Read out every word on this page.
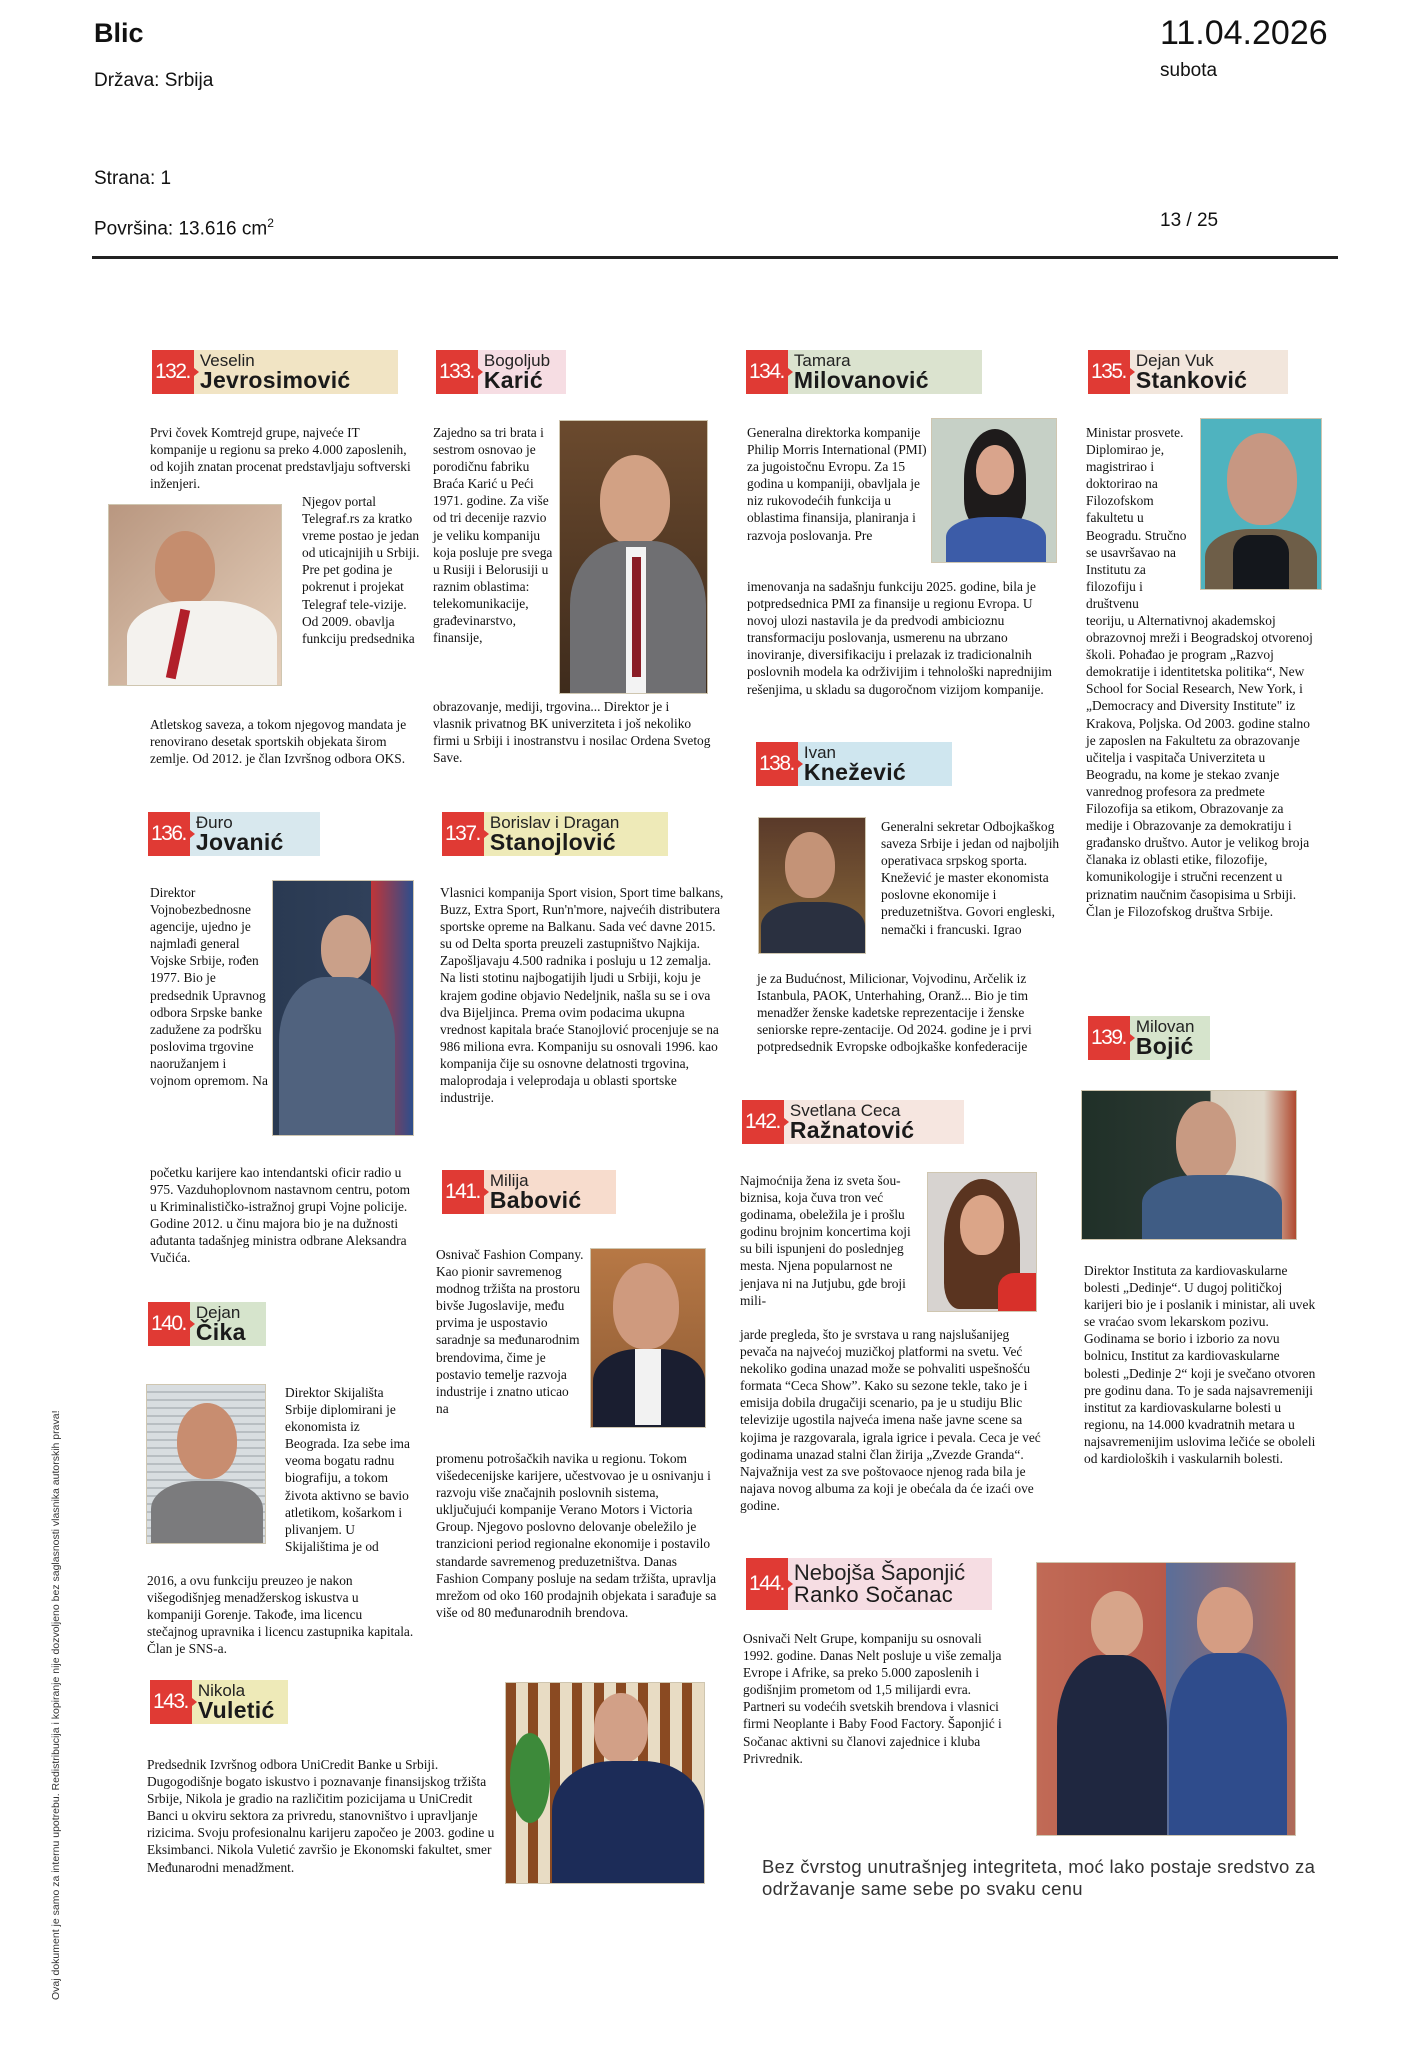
Blic
Država: Srbija
11.04.2026
subota
Strana: 1
Površina: 13.616 $cm^2$	13 / 25
Ovaj dokument je samo za internu upotrebu. Redistribucija i kopiranje nije dozvoljeno bez saglasnosti vlasnika autorskih prava!
132. Veselin
Jevrosimović
Prvi čovek Komtrejd grupe, najveće IT kompanije u regionu sa preko 4.000 zaposlenih, od kojih znatan procenat predstavljaju softverski inženjeri.
Njegov portal Telegraf.rs za kratko vreme postao je jedan od uticajnijih u Srbiji. Pre pet godina je pokrenut i projekat Telegraf tele-vizije. Od 2009. obavlja funkciju predsednika
Atletskog saveza, a tokom njegovog mandata je renovirano desetak sportskih objekata širom zemlje. Od 2012. je član Izvršnog odbora OKS.
133. Bogoljub
Karić
Zajedno sa tri brata i sestrom osnovao je porodičnu fabriku Braća Karić u Peći 1971. godine. Za više od tri decenije razvio je veliku kompaniju koja posluje pre svega u Rusiji i Belorusiji u raznim oblastima: telekomunikacije, građevinarstvo, finansije,
obrazovanje, mediji, trgovina... Direktor je i vlasnik privatnog BK univerziteta i još nekoliko firmi u Srbiji i inostranstvu i nosilac Ordena Svetog Save.
134. Tamara
Milovanović
Generalna direktorka kompanije Philip Morris International (PMI) za jugoistočnu Evropu. Za 15 godina u kompaniji, obavljala je niz rukovodećih funkcija u oblastima finansija, planiranja i razvoja poslovanja. Pre
imenovanja na sadašnju funkciju 2025. godine, bila je potpredsednica PMI za finansije u regionu Evropa. U novoj ulozi nastavila je da predvodi ambicioznu transformaciju poslovanja, usmerenu na ubrzano inoviranje, diversifikaciju i prelazak iz tradicionalnih poslovnih modela ka održivijim i tehnološki naprednijim rešenjima, u skladu sa dugoročnom vizijom kompanije.
135. Dejan Vuk
Stanković
Ministar prosvete. Diplomirao je, magistrirao i doktorirao na Filozofskom fakultetu u Beogradu. Stručno se usavršavao na Institutu za filozofiju i društvenu
teoriju, u Alternativnoj akademskoj obrazovnoj mreži i Beogradskoj otvorenoj školi. Pohađao je program „Razvoj demokratije i identitetska politika“, New School for Social Research, New York, i „Democracy and Diversity Institute" iz Krakova, Poljska. Od 2003. godine stalno je zaposlen na Fakultetu za obrazovanje učitelja i vaspitača Univerziteta u Beogradu, na kome je stekao zvanje vanrednog profesora za predmete Filozofija sa etikom, Obrazovanje za medije i Obrazovanje za demokratiju i građansko društvo. Autor je velikog broja članaka iz oblasti etike, filozofije, komunikologije i stručni recenzent u priznatim naučnim časopisima u Srbiji. Član je Filozofskog društva Srbije.
136. Đuro
Jovanić
Direktor Vojnobezbednosne agencije, ujedno je najmlađi general Vojske Srbije, rođen 1977. Bio je predsednik Upravnog odbora Srpske banke zadužene za podršku poslovima trgovine naoružanjem i vojnom opremom. Na
početku karijere kao intendantski oficir radio u 975. Vazduhoplovnom nastavnom centru, potom u Kriminalističko-istražnoj grupi Vojne policije. Godine 2012. u činu majora bio je na dužnosti ađutanta tadašnjeg ministra odbrane Aleksandra Vučića.
137. Borislav i Dragan
Stanojlović
Vlasnici kompanija Sport vision, Sport time balkans, Buzz, Extra Sport, Run'n'more, najvećih distributera sportske opreme na Balkanu. Sada već davne 2015. su od Delta sporta preuzeli zastupništvo Najkija. Zapošljavaju 4.500 radnika i posluju u 12 zemalja. Na listi stotinu najbogatijih ljudi u Srbiji, koju je krajem godine objavio Nedeljnik, našla su se i ova dva Bijeljinca. Prema ovim podacima ukupna vrednost kapitala braće Stanojlović procenjuje se na 986 miliona evra. Kompaniju su osnovali 1996. kao kompanija čije su osnovne delatnosti trgovina, maloprodaja i veleprodaja u oblasti sportske industrije.
138. Ivan
Knežević
Generalni sekretar Odbojkaškog saveza Srbije i jedan od najboljih operativaca srpskog sporta. Knežević je master ekonomista poslovne ekonomije i preduzetništva. Govori engleski, nemački i francuski. Igrao
je za Budućnost, Milicionar, Vojvodinu, Arčelik iz Istanbula, PAOK, Unterhahing, Oranž... Bio je tim menadžer ženske kadetske reprezentacije i ženske seniorske repre-zentacije. Od 2024. godine je i prvi potpredsednik Evropske odbojkaške konfederacije	139. Milovan
Bojić
Direktor Instituta za kardiovaskularne bolesti „Dedinje“. U dugoj političkoj karijeri bio je i poslanik i ministar, ali uvek se vraćao svom lekarskom pozivu. Godinama se borio i izborio za novu bolnicu, Institut za kardiovaskularne bolesti „Dedinje 2“ koji je svečano otvoren pre godinu dana. To je sada najsavremeniji institut za kardiovaskularne bolesti u regionu, na 14.000 kvadratnih metara u najsavremenijim uslovima lečiće se oboleli od kardioloških i vaskularnih bolesti.
140. Dejan
Čika
Direktor Skijališta Srbije diplomirani je ekonomista iz Beograda. Iza sebe ima veoma bogatu radnu biografiju, a tokom života aktivno se bavio atletikom, košarkom i plivanjem. U Skijalištima je od
2016, a ovu funkciju preuzeo je nakon višegodišnjeg menadžerskog iskustva u kompaniji Gorenje. Takođe, ima licencu stečajnog upravnika i licencu zastupnika kapitala. Član je SNS-a.
141. Milija
Babović
Osnivač Fashion Company. Kao pionir savremenog modnog tržišta na prostoru bivše Jugoslavije, među prvima je uspostavio saradnje sa međunarodnim brendovima, čime je postavio temelje razvoja industrije i znatno uticao na
promenu potrošačkih navika u regionu. Tokom višedecenijske karijere, učestvovao je u osnivanju i razvoju više značajnih poslovnih sistema, uključujući kompanije Verano Motors i Victoria Group. Njegovo poslovno delovanje obeležilo je tranzicioni period regionalne ekonomije i postavilo standarde savremenog preduzetništva. Danas Fashion Company posluje na sedam tržišta, upravlja mrežom od oko 160 prodajnih objekata i sarađuje sa više od 80 međunarodnih brendova.
142. Svetlana Ceca
Ražnatović
Najmoćnija žena iz sveta šou-biznisa, koja čuva tron već godinama, obeležila je i prošlu godinu brojnim koncertima koji su bili ispunjeni do poslednjeg mesta. Njena popularnost ne jenjava ni na Jutjubu, gde broji mili-
jarde pregleda, što je svrstava u rang najslušanijeg pevača na najvećoj muzičkoj platformi na svetu. Već nekoliko godina unazad može se pohvaliti uspešnošću formata “Ceca Show”. Kako su sezone tekle, tako je i emisija dobila drugačiji scenario, pa je u studiju Blic televizije ugostila najveća imena naše javne scene sa kojima je razgovarala, igrala igrice i pevala. Ceca je već godinama unazad stalni član žirija „Zvezde Granda“. Najvažnija vest za sve poštovaoce njenog rada bila je najava novog albuma za koji je obećala da će izaći ove godine.
143. Nikola
Vuletić
Predsednik Izvršnog odbora UniCredit Banke u Srbiji. Dugogodišnje bogato iskustvo i poznavanje finansijskog tržišta Srbije, Nikola je gradio na različitim pozicijama u UniCredit Banci u okviru sektora za privredu, stanovništvo i upravljanje rizicima. Svoju profesionalnu karijeru započeo je 2003. godine u Eksimbanci. Nikola Vuletić završio je Ekonomski fakultet, smer Međunarodni menadžment.
144. Nebojša Šaponjić
Ranko Sočanac
Osnivači Nelt Grupe, kompaniju su osnovali 1992. godine. Danas Nelt posluje u više zemalja Evrope i Afrike, sa preko 5.000 zaposlenih i godišnjim prometom od 1,5 milijardi evra. Partneri su vodećih svetskih brendova i vlasnici firmi Neoplante i Baby Food Factory. Šaponjić i Sočanac aktivni su članovi zajednice i kluba Privrednik.
Bez čvrstog unutrašnjeg integriteta, moć lako postaje sredstvo za održavanje same sebe po svaku cenu
